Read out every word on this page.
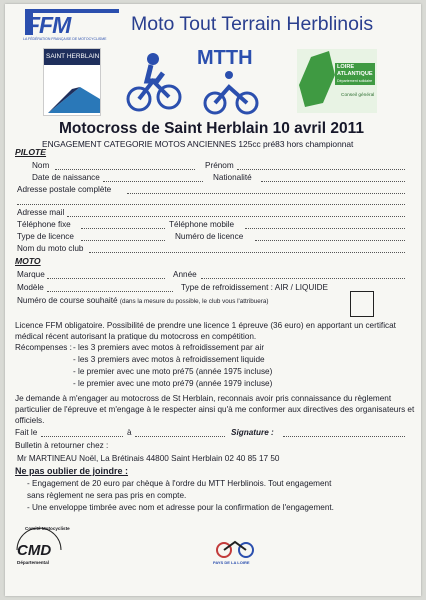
FFM
LA FÉDÉRATION FRANÇAISE DE MOTOCYCLISME
Moto Tout Terrain Herblinois
SAINT HERBLAIN	MTTH	LOIRE
ATLANTIQUE
Département solidaire
Conseil général
Motocross de Saint Herblain 10 avril 2011
ENGAGEMENT CATEGORIE MOTOS ANCIENNES 125cc pré83 hors championnat
PILOTE
Nom	Prénom
Date de naissance	Nationalité
Adresse postale complète
Adresse mail
Téléphone fixe	Téléphone mobile
Type de licence	Numéro de licence
Nom du moto club
MOTO
Marque	Année
Modèle	Type de refroidissement : AIR / LIQUIDE
Numéro de course souhaité (dans la mesure du possible, le club vous l'attribuera)
Licence FFM obligatoire. Possibilité de prendre une licence 1 épreuve (36 euro) en apportant un certificat médical récent autorisant la pratique du motocross en compétition.
Récompenses : - les 3 premiers avec motos à refroidissement par air
- les 3 premiers avec motos à refroidissement liquide
- le premier avec une moto pré75 (année 1975 incluse)
- le premier avec une moto pré79 (année 1979 incluse)
Je demande à m'engager au motocross de St Herblain, reconnais avoir pris connaissance du règlement particulier de l'épreuve et m'engage à le respecter ainsi qu'à me conformer aux directives des organisateurs et officiels.
Fait le	à	Signature :
Bulletin à retourner chez :
Mr MARTINEAU Noël, La Brétinais 44800 Saint Herblain 02 40 85 17 50
Ne pas oublier de joindre :
- Engagement de 20 euro par chèque à l'ordre du MTT Herblinois. Tout engagement
sans règlement ne sera pas pris en compte.
- Une enveloppe timbrée avec nom et adresse pour la confirmation de l'engagement.
Comité Motocycliste
CMD
Départemental	PAYS DE LA LOIRE
